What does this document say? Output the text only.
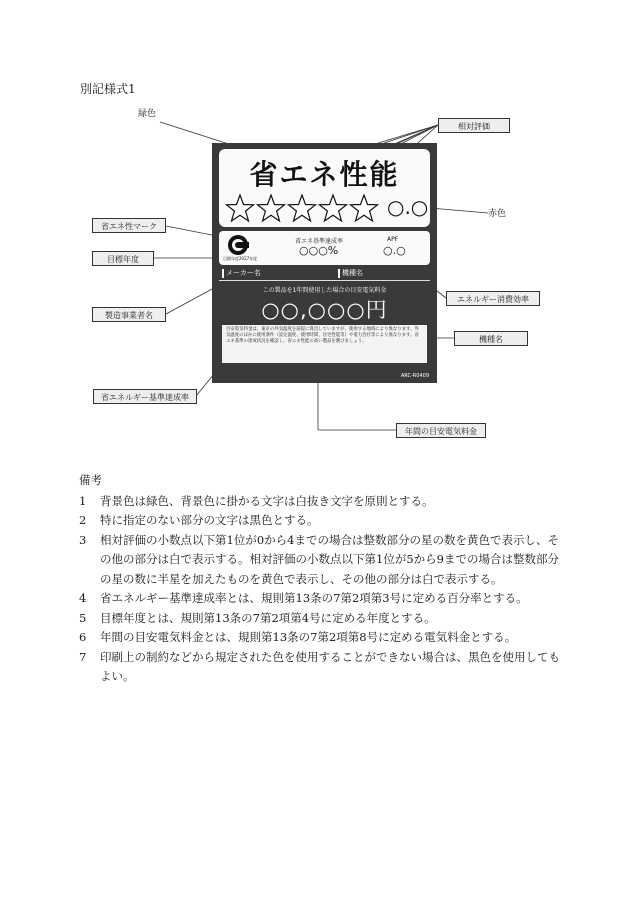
別記様式1
緑色
相対評価
赤色
省エネ性マーク
目標年度
製造事業者名
エネルギー消費効率
機種名
省エネルギー基準達成率
年間の目安電気料金
省エネ性能
○.○
目標年度2027年度
省エネ基準達成率
○○○%
APF
○.○
メーカー名	機種名
この製品を1年間使用した場合の目安電気料金
○○,○○○円
目安電気料金は、東京の外気温度を前提に算出していますが、使用する地域により異なります。外気温度のほかに使用条件（設定温度、使用時間、住宅性能等）や電力会社等により異なります。省エネ基準の達成状況を確認し、省エネ性能の高い製品を選びましょう。
ARC-R0409
備考
1	背景色は緑色、背景色に掛かる文字は白抜き文字を原則とする。
2	特に指定のない部分の文字は黒色とする。
3	相対評価の小数点以下第1位が0から4までの場合は整数部分の星の数を黄色で表示し、その他の部分は白で表示する。相対評価の小数点以下第1位が5から9までの場合は整数部分の星の数に半星を加えたものを黄色で表示し、その他の部分は白で表示する。
4	省エネルギー基準達成率とは、規則第13条の7第2項第3号に定める百分率とする。
5	目標年度とは、規則第13条の7第2項第4号に定める年度とする。
6	年間の目安電気料金とは、規則第13条の7第2項第8号に定める電気料金とする。
7	印刷上の制約などから規定された色を使用することができない場合は、黒色を使用してもよい。
